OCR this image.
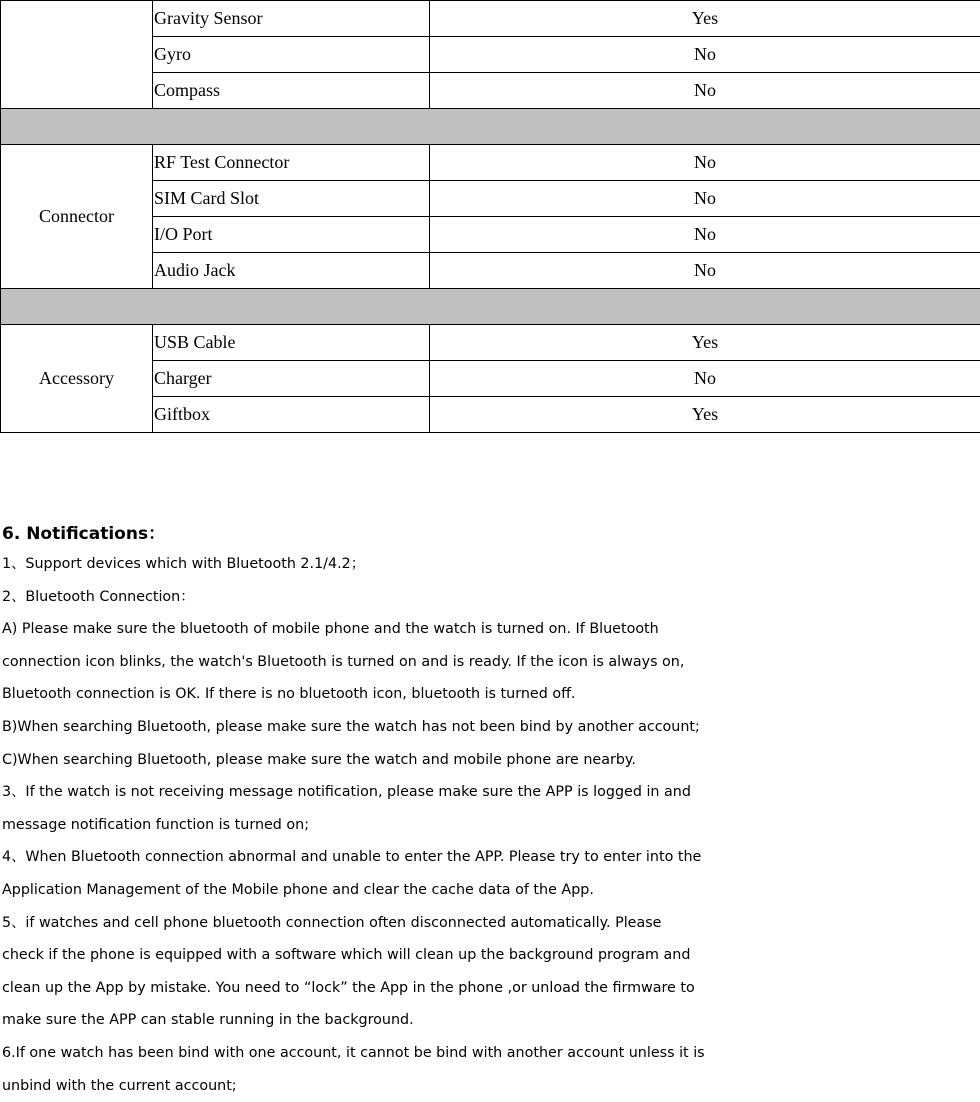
	Gravity Sensor	Yes
	Gyro	No
	Compass	No

Connector	RF Test Connector	No
	SIM Card Slot	No
	I/O Port	No
	Audio Jack	No

Accessory	USB Cable	Yes
	Charger	No
	Giftbox	Yes
6. Notifications：

1、Support devices which with Bluetooth 2.1/4.2；

2、Bluetooth Connection：

A) Please make sure the bluetooth of mobile phone and the watch is turned on. If Bluetooth

connection icon blinks, the watch's Bluetooth is turned on and is ready. If the icon is always on,

Bluetooth connection is OK. If there is no bluetooth icon, bluetooth is turned off.

B)When searching Bluetooth, please make sure the watch has not been bind by another account;

C)When searching Bluetooth, please make sure the watch and mobile phone are nearby.

3、If the watch is not receiving message notification, please make sure the APP is logged in and

message notification function is turned on;

4、When Bluetooth connection abnormal and unable to enter the APP. Please try to enter into the

Application Management of the Mobile phone and clear the cache data of the App.

5、if watches and cell phone bluetooth connection often disconnected automatically. Please

check if the phone is equipped with a software which will clean up the background program and

clean up the App by mistake. You need to “lock” the App in the phone ,or unload the firmware to

make sure the APP can stable running in the background.

6.If one watch has been bind with one account, it cannot be bind with another account unless it is

unbind with the current account;
